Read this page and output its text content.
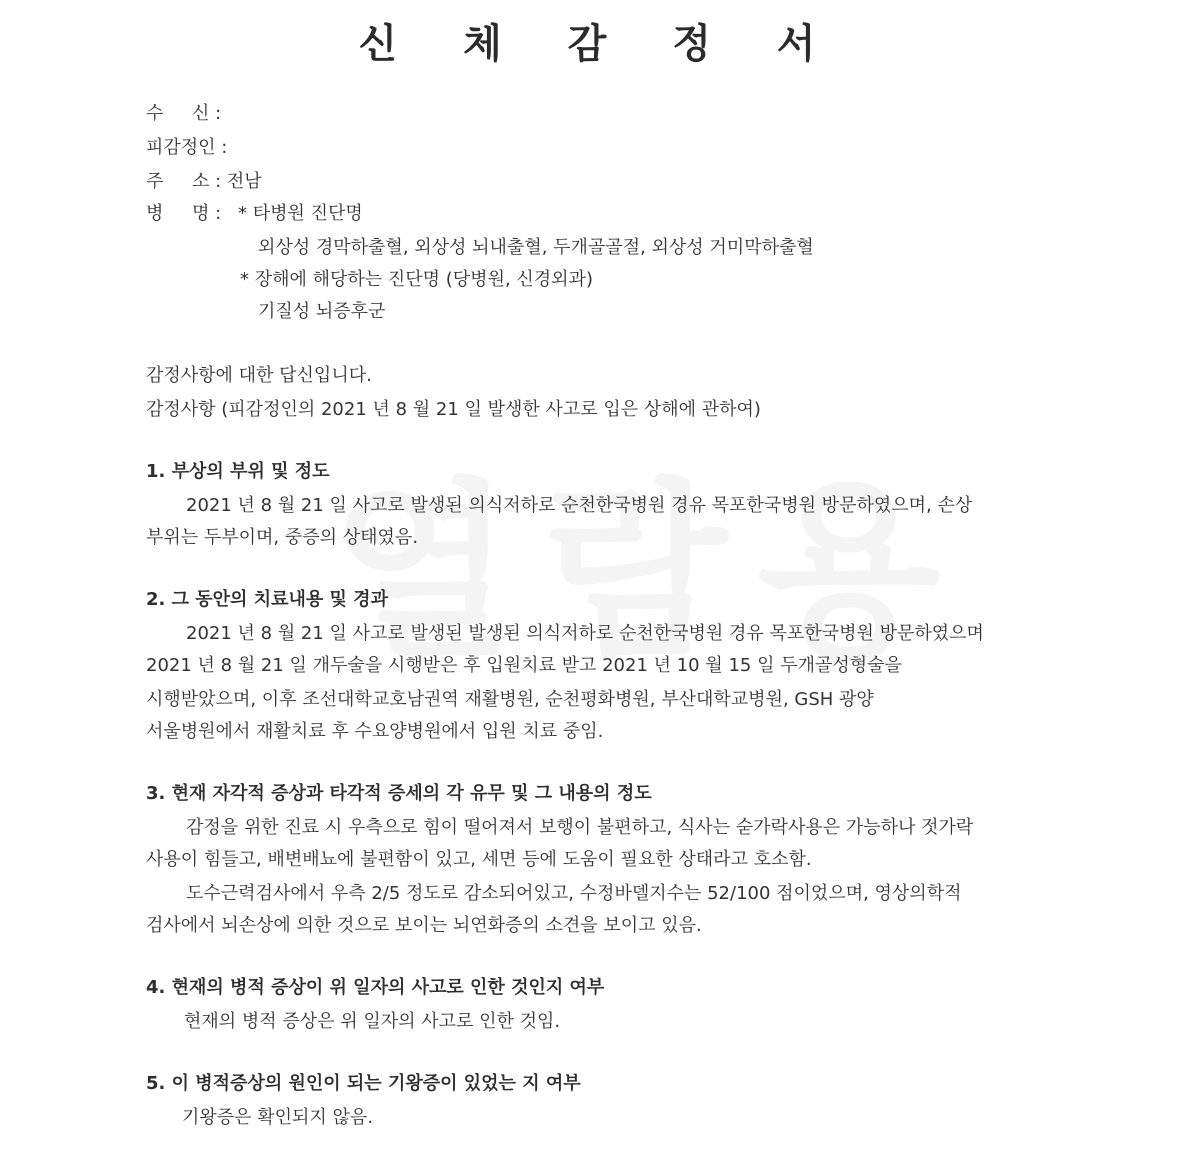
신 체 감 정 서
수 신 :
피감정인 :
주 소 : 전남
병 명 : * 타병원 진단명
외상성 경막하출혈, 외상성 뇌내출혈, 두개골골절, 외상성 거미막하출혈
* 장해에 해당하는 진단명 (당병원, 신경외과)
기질성 뇌증후군
감정사항에 대한 답신입니다.
감정사항 (피감정인의 2021 년 8 월 21 일 발생한 사고로 입은 상해에 관하여)
1. 부상의 부위 및 정도
2021 년 8 월 21 일 사고로 발생된 의식저하로 순천한국병원 경유 목포한국병원 방문하였으며, 손상
부위는 두부이며, 중증의 상태였음.
2. 그 동안의 치료내용 및 경과
2021 년 8 월 21 일 사고로 발생된 발생된 의식저하로 순천한국병원 경유 목포한국병원 방문하였으며
2021 년 8 월 21 일 개두술을 시행받은 후 입원치료 받고 2021 년 10 월 15 일 두개골성형술을
시행받았으며, 이후 조선대학교호남권역 재활병원, 순천평화병원, 부산대학교병원, GSH 광양
서울병원에서 재활치료 후 수요양병원에서 입원 치료 중임.
3. 현재 자각적 증상과 타각적 증세의 각 유무 및 그 내용의 정도
감정을 위한 진료 시 우측으로 힘이 떨어져서 보행이 불편하고, 식사는 숟가락사용은 가능하나 젓가락
사용이 힘들고, 배변배뇨에 불편함이 있고, 세면 등에 도움이 필요한 상태라고 호소함.
도수근력검사에서 우측 2/5 정도로 감소되어있고, 수정바델지수는 52/100 점이었으며, 영상의학적
검사에서 뇌손상에 의한 것으로 보이는 뇌연화증의 소견을 보이고 있음.
4. 현재의 병적 증상이 위 일자의 사고로 인한 것인지 여부
현재의 병적 증상은 위 일자의 사고로 인한 것임.
5. 이 병적증상의 원인이 되는 기왕증이 있었는 지 여부
기왕증은 확인되지 않음.
